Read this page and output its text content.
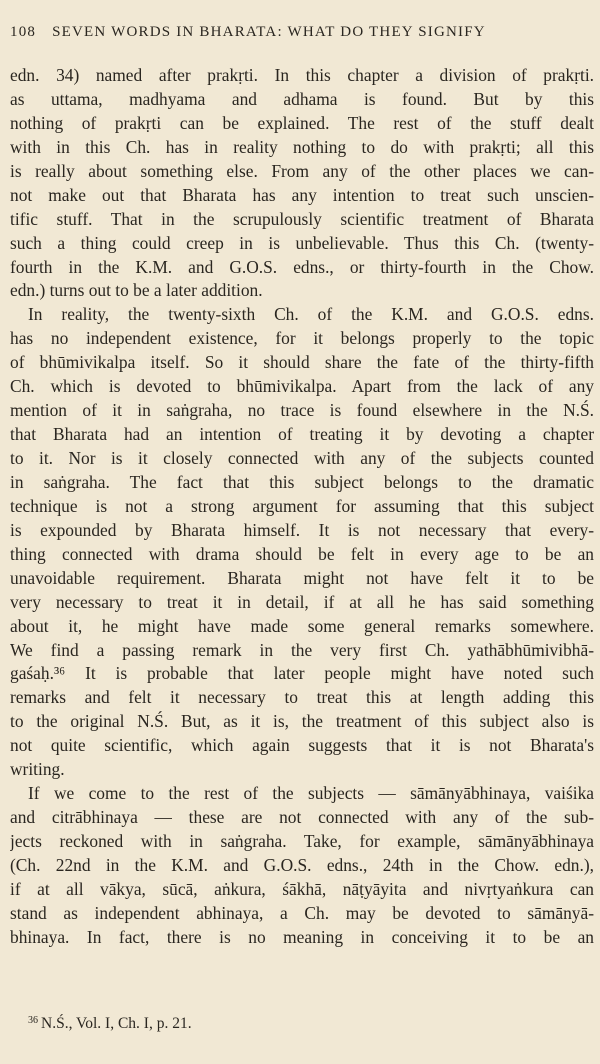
108 SEVEN WORDS IN BHARATA: WHAT DO THEY SIGNIFY
edn. 34) named after prakṛti. In this chapter a division of prakṛti.
as uttama, madhyama and adhama is found. But by this
nothing of prakṛti can be explained. The rest of the stuff dealt
with in this Ch. has in reality nothing to do with prakṛti; all this
is really about something else. From any of the other places we can-
not make out that Bharata has any intention to treat such unscien-
tific stuff. That in the scrupulously scientific treatment of Bharata
such a thing could creep in is unbelievable. Thus this Ch. (twenty-
fourth in the K.M. and G.O.S. edns., or thirty-fourth in the Chow.
edn.) turns out to be a later addition.
In reality, the twenty-sixth Ch. of the K.M. and G.O.S. edns.
has no independent existence, for it belongs properly to the topic
of bhūmivikalpa itself. So it should share the fate of the thirty-fifth
Ch. which is devoted to bhūmivikalpa. Apart from the lack of any
mention of it in saṅgraha, no trace is found elsewhere in the N.Ś.
that Bharata had an intention of treating it by devoting a chapter
to it. Nor is it closely connected with any of the subjects counted
in saṅgraha. The fact that this subject belongs to the dramatic
technique is not a strong argument for assuming that this subject
is expounded by Bharata himself. It is not necessary that every-
thing connected with drama should be felt in every age to be an
unavoidable requirement. Bharata might not have felt it to be
very necessary to treat it in detail, if at all he has said something
about it, he might have made some general remarks somewhere.
We find a passing remark in the very first Ch. yathābhūmivibhā-
gaśaḥ.³⁶ It is probable that later people might have noted such
remarks and felt it necessary to treat this at length adding this
to the original N.Ś. But, as it is, the treatment of this subject also is
not quite scientific, which again suggests that it is not Bharata's
writing.
If we come to the rest of the subjects — sāmānyābhinaya, vaiśika
and citrābhinaya — these are not connected with any of the sub-
jects reckoned with in saṅgraha. Take, for example, sāmānyābhinaya
(Ch. 22nd in the K.M. and G.O.S. edns., 24th in the Chow. edn.),
if at all vākya, sūcā, aṅkura, śākhā, nāṭyāyita and nivṛtyaṅkura can
stand as independent abhinaya, a Ch. may be devoted to sāmānyā-
bhinaya. In fact, there is no meaning in conceiving it to be an
$^{36}$ N.Ś., Vol. I, Ch. I, p. 21.
